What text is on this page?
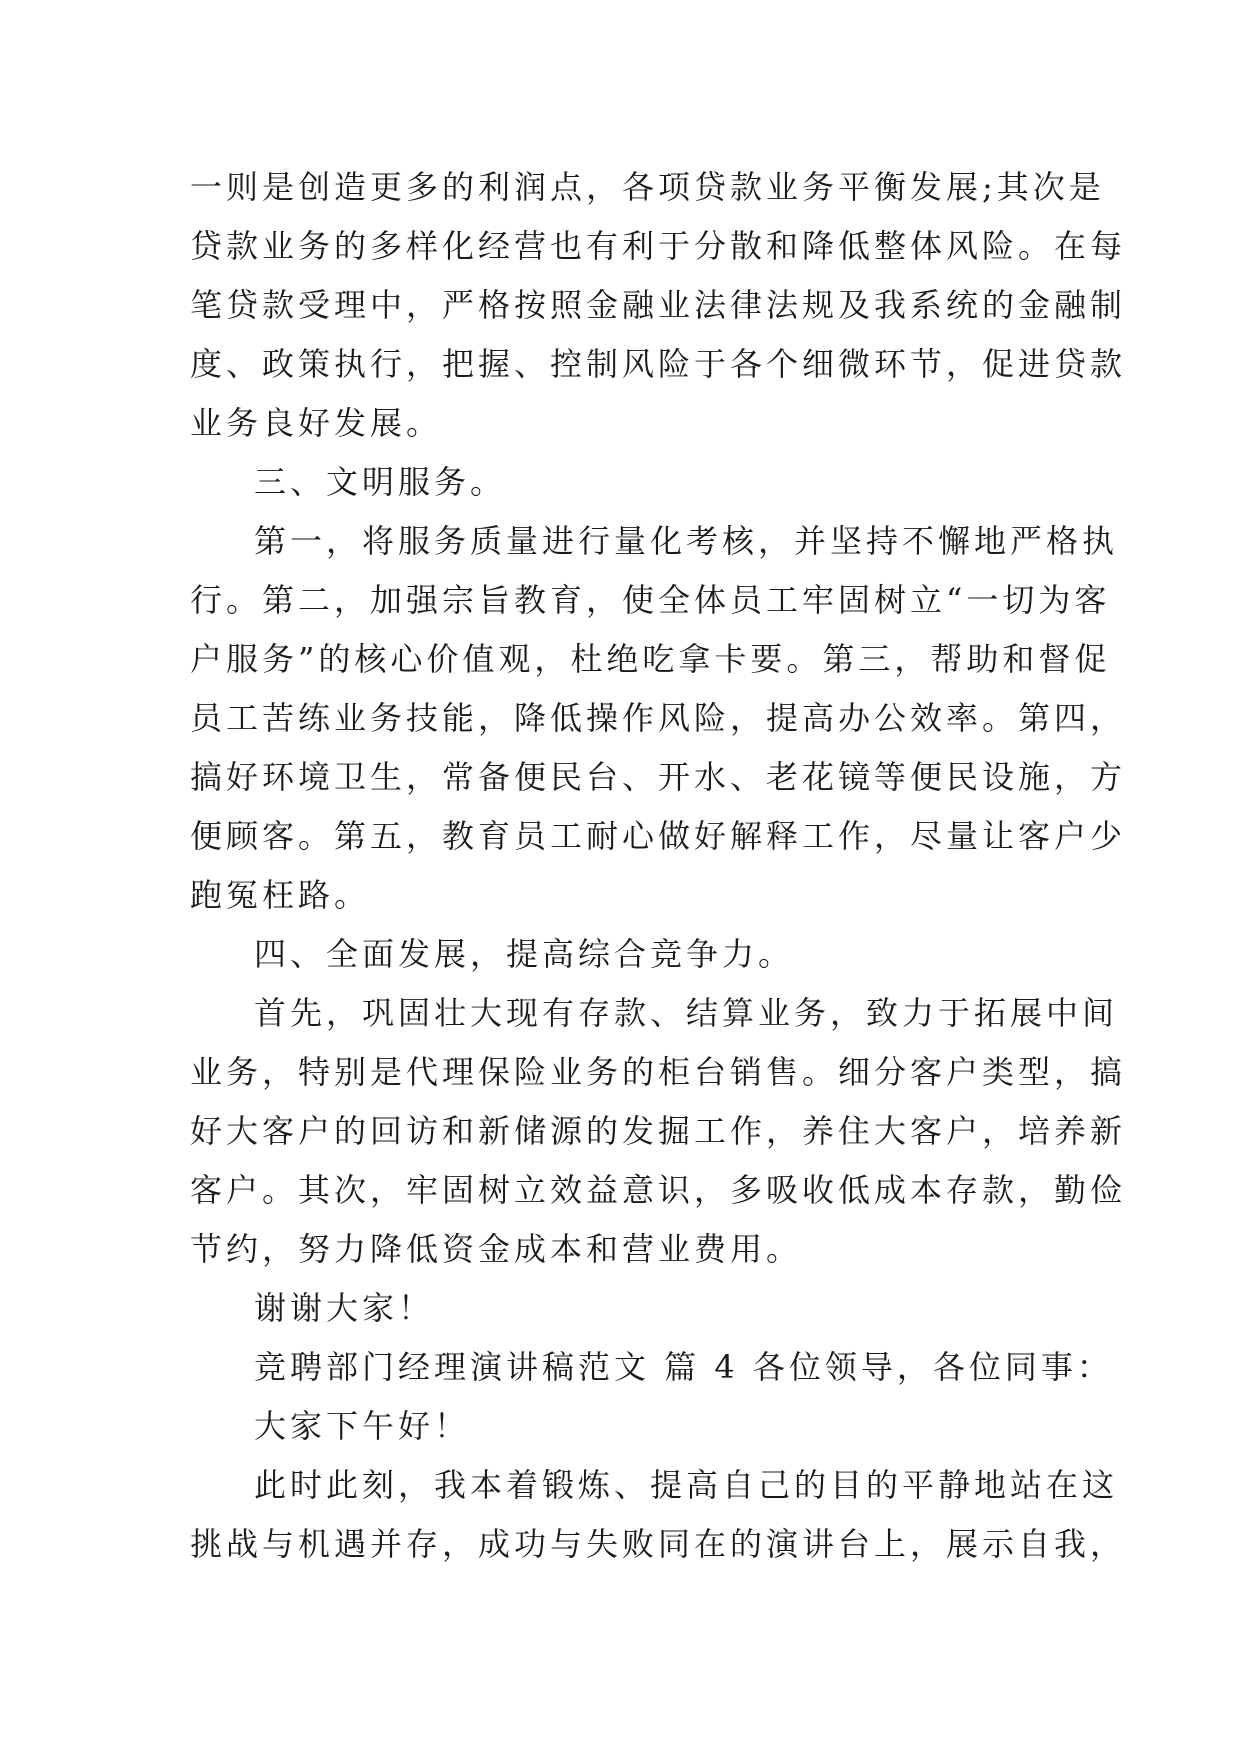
一则是创造更多的利润点，各项贷款业务平衡发展;其次是
贷款业务的多样化经营也有利于分散和降低整体风险。在每
笔贷款受理中，严格按照金融业法律法规及我系统的金融制
度、政策执行，把握、控制风险于各个细微环节，促进贷款
业务良好发展。
三、文明服务。
第一，将服务质量进行量化考核，并坚持不懈地严格执
行。第二，加强宗旨教育，使全体员工牢固树立“一切为客
户服务”的核心价值观，杜绝吃拿卡要。第三，帮助和督促
员工苦练业务技能，降低操作风险，提高办公效率。第四，
搞好环境卫生，常备便民台、开水、老花镜等便民设施，方
便顾客。第五，教育员工耐心做好解释工作，尽量让客户少
跑冤枉路。
四、全面发展，提高综合竞争力。
首先，巩固壮大现有存款、结算业务，致力于拓展中间
业务，特别是代理保险业务的柜台销售。细分客户类型，搞
好大客户的回访和新储源的发掘工作，养住大客户，培养新
客户。其次，牢固树立效益意识，多吸收低成本存款，勤俭
节约，努力降低资金成本和营业费用。
谢谢大家！
竞聘部门经理演讲稿范文 篇 4 各位领导，各位同事：
大家下午好！
此时此刻，我本着锻炼、提高自己的目的平静地站在这
挑战与机遇并存，成功与失败同在的演讲台上，展示自我，
